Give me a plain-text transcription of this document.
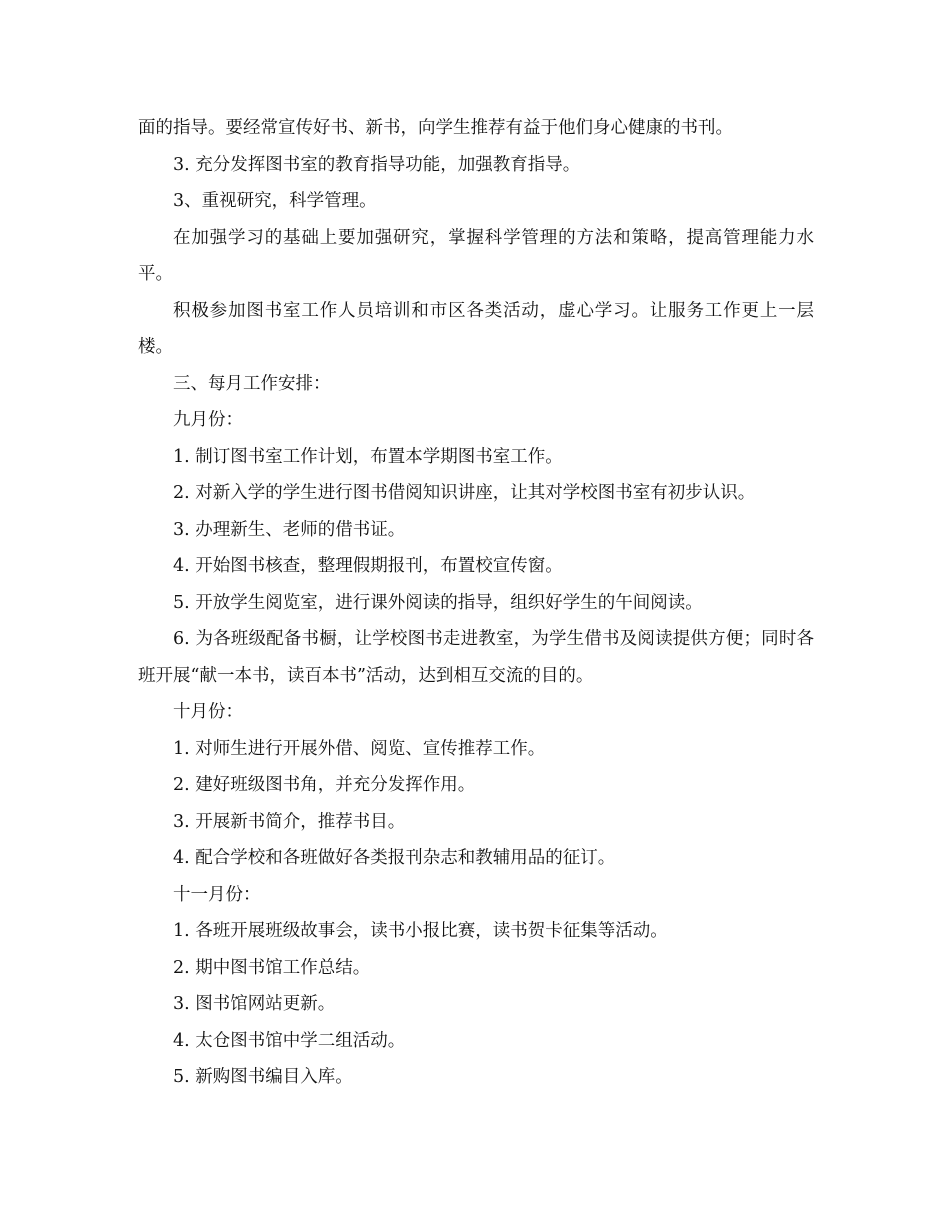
面的指导。要经常宣传好书、新书，向学生推荐有益于他们身心健康的书刊。

3. 充分发挥图书室的教育指导功能，加强教育指导。

3、重视研究，科学管理。

在加强学习的基础上要加强研究，掌握科学管理的方法和策略，提高管理能力水平。

积极参加图书室工作人员培训和市区各类活动，虚心学习。让服务工作更上一层楼。

三、每月工作安排：

九月份：

1. 制订图书室工作计划，布置本学期图书室工作。

2. 对新入学的学生进行图书借阅知识讲座，让其对学校图书室有初步认识。

3. 办理新生、老师的借书证。

4. 开始图书核查，整理假期报刊，布置校宣传窗。

5. 开放学生阅览室，进行课外阅读的指导，组织好学生的午间阅读。

6. 为各班级配备书橱，让学校图书走进教室，为学生借书及阅读提供方便；同时各班开展“献一本书，读百本书”活动，达到相互交流的目的。

十月份：

1. 对师生进行开展外借、阅览、宣传推荐工作。

2. 建好班级图书角，并充分发挥作用。

3. 开展新书简介，推荐书目。

4. 配合学校和各班做好各类报刊杂志和教辅用品的征订。

十一月份：

1. 各班开展班级故事会，读书小报比赛，读书贺卡征集等活动。

2. 期中图书馆工作总结。

3. 图书馆网站更新。

4. 太仓图书馆中学二组活动。

5. 新购图书编目入库。
